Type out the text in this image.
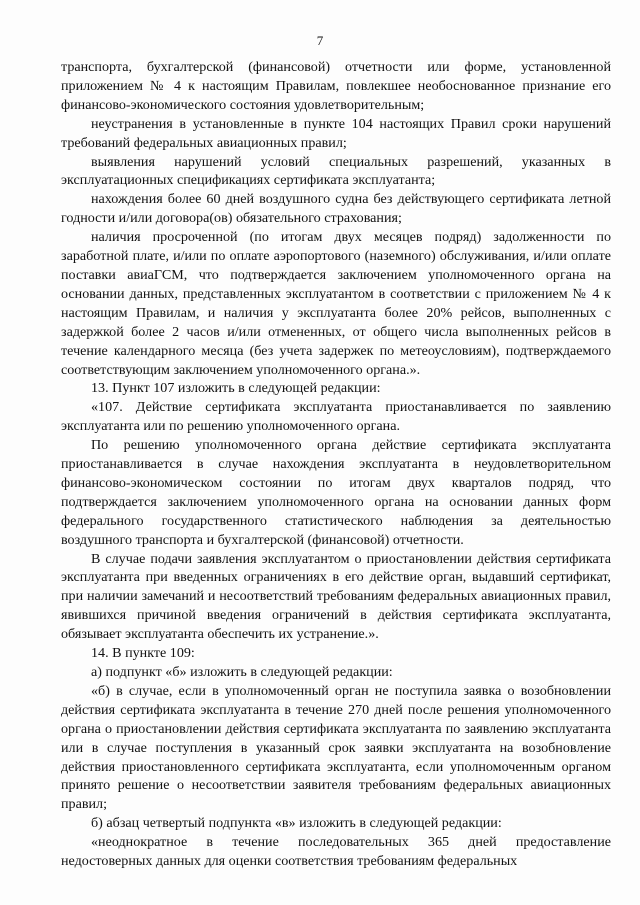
7

транспорта, бухгалтерской (финансовой) отчетности или форме, установленной приложением № 4 к настоящим Правилам, повлекшее необоснованное признание его финансово-экономического состояния удовлетворительным;

неустранения в установленные в пункте 104 настоящих Правил сроки нарушений требований федеральных авиационных правил;

выявления нарушений условий специальных разрешений, указанных в эксплуатационных спецификациях сертификата эксплуатанта;

нахождения более 60 дней воздушного судна без действующего сертификата летной годности и/или договора(ов) обязательного страхования;

наличия просроченной (по итогам двух месяцев подряд) задолженности по заработной плате, и/или по оплате аэропортового (наземного) обслуживания, и/или оплате поставки авиаГСМ, что подтверждается заключением уполномоченного органа на основании данных, представленных эксплуатантом в соответствии с приложением № 4 к настоящим Правилам, и наличия у эксплуатанта более 20% рейсов, выполненных с задержкой более 2 часов и/или отмененных, от общего числа выполненных рейсов в течение календарного месяца (без учета задержек по метеоусловиям), подтверждаемого соответствующим заключением уполномоченного органа.».

13. Пункт 107 изложить в следующей редакции:

«107. Действие сертификата эксплуатанта приостанавливается по заявлению эксплуатанта или по решению уполномоченного органа.

По решению уполномоченного органа действие сертификата эксплуатанта приостанавливается в случае нахождения эксплуатанта в неудовлетворительном финансово-экономическом состоянии по итогам двух кварталов подряд, что подтверждается заключением уполномоченного органа на основании данных форм федерального государственного статистического наблюдения за деятельностью воздушного транспорта и бухгалтерской (финансовой) отчетности.

В случае подачи заявления эксплуатантом о приостановлении действия сертификата эксплуатанта при введенных ограничениях в его действие орган, выдавший сертификат, при наличии замечаний и несоответствий требованиям федеральных авиационных правил, явившихся причиной введения ограничений в действия сертификата эксплуатанта, обязывает эксплуатанта обеспечить их устранение.».

14. В пункте 109:

а) подпункт «б» изложить в следующей редакции:

«б) в случае, если в уполномоченный орган не поступила заявка о возобновлении действия сертификата эксплуатанта в течение 270 дней после решения уполномоченного органа о приостановлении действия сертификата эксплуатанта по заявлению эксплуатанта или в случае поступления в указанный срок заявки эксплуатанта на возобновление действия приостановленного сертификата эксплуатанта, если уполномоченным органом принято решение о несоответствии заявителя требованиям федеральных авиационных правил;

б) абзац четвертый подпункта «в» изложить в следующей редакции:

«неоднократное в течение последовательных 365 дней предоставление недостоверных данных для оценки соответствия требованиям федеральных
